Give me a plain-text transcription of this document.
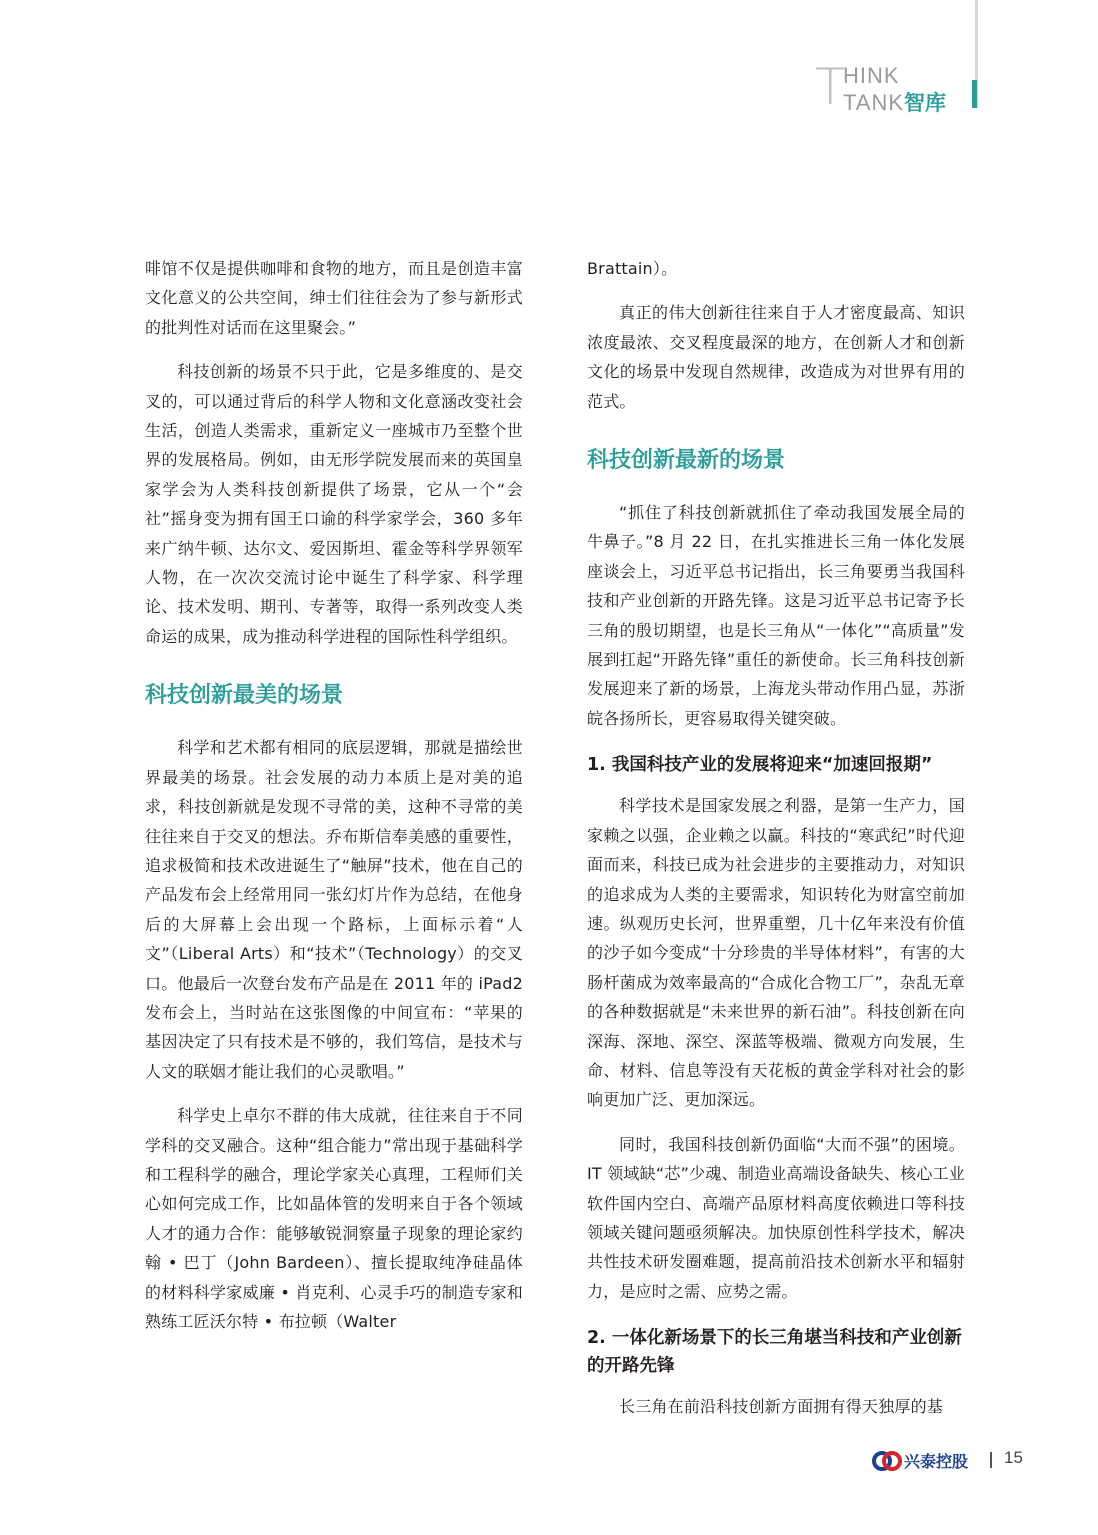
T
HINK
TANK智库

啡馆不仅是提供咖啡和食物的地方，而且是创造丰富文化意义的公共空间，绅士们往往会为了参与新形式的批判性对话而在这里聚会。”

科技创新的场景不只于此，它是多维度的、是交叉的，可以通过背后的科学人物和文化意涵改变社会生活，创造人类需求，重新定义一座城市乃至整个世界的发展格局。例如，由无形学院发展而来的英国皇家学会为人类科技创新提供了场景，它从一个“会社”摇身变为拥有国王口谕的科学家学会，360 多年来广纳牛顿、达尔文、爱因斯坦、霍金等科学界领军人物，在一次次交流讨论中诞生了科学家、科学理论、技术发明、期刊、专著等，取得一系列改变人类命运的成果，成为推动科学进程的国际性科学组织。

科技创新最美的场景

科学和艺术都有相同的底层逻辑，那就是描绘世界最美的场景。社会发展的动力本质上是对美的追求，科技创新就是发现不寻常的美，这种不寻常的美往往来自于交叉的想法。乔布斯信奉美感的重要性，追求极简和技术改进诞生了“触屏”技术，他在自己的产品发布会上经常用同一张幻灯片作为总结，在他身后的大屏幕上会出现一个路标，上面标示着“人文”（Liberal Arts）和“技术”（Technology）的交叉口。他最后一次登台发布产品是在 2011 年的 iPad2 发布会上，当时站在这张图像的中间宣布：“苹果的基因决定了只有技术是不够的，我们笃信，是技术与人文的联姻才能让我们的心灵歌唱。”

科学史上卓尔不群的伟大成就，往往来自于不同学科的交叉融合。这种“组合能力”常出现于基础科学和工程科学的融合，理论学家关心真理，工程师们关心如何完成工作，比如晶体管的发明来自于各个领域人才的通力合作：能够敏锐洞察量子现象的理论家约翰 • 巴丁（John Bardeen）、擅长提取纯净硅晶体的材料科学家威廉 • 肖克利、心灵手巧的制造专家和熟练工匠沃尔特 • 布拉顿（Walter

Brattain）。

真正的伟大创新往往来自于人才密度最高、知识浓度最浓、交叉程度最深的地方，在创新人才和创新文化的场景中发现自然规律，改造成为对世界有用的范式。

科技创新最新的场景

“抓住了科技创新就抓住了牵动我国发展全局的牛鼻子。”8 月 22 日，在扎实推进长三角一体化发展座谈会上，习近平总书记指出，长三角要勇当我国科技和产业创新的开路先锋。这是习近平总书记寄予长三角的殷切期望，也是长三角从“一体化”“高质量”发展到扛起“开路先锋”重任的新使命。长三角科技创新发展迎来了新的场景，上海龙头带动作用凸显，苏浙皖各扬所长，更容易取得关键突破。

1. 我国科技产业的发展将迎来“加速回报期”

科学技术是国家发展之利器，是第一生产力，国家赖之以强，企业赖之以赢。科技的“寒武纪”时代迎面而来，科技已成为社会进步的主要推动力，对知识的追求成为人类的主要需求，知识转化为财富空前加速。纵观历史长河，世界重塑，几十亿年来没有价值的沙子如今变成“十分珍贵的半导体材料”，有害的大肠杆菌成为效率最高的“合成化合物工厂”，杂乱无章的各种数据就是“未来世界的新石油”。科技创新在向深海、深地、深空、深蓝等极端、微观方向发展，生命、材料、信息等没有天花板的黄金学科对社会的影响更加广泛、更加深远。

同时，我国科技创新仍面临“大而不强”的困境。IT 领域缺“芯”少魂、制造业高端设备缺失、核心工业软件国内空白、高端产品原材料高度依赖进口等科技领域关键问题亟须解决。加快原创性科学技术，解决共性技术研发圈难题，提高前沿技术创新水平和辐射力，是应时之需、应势之需。

2. 一体化新场景下的长三角堪当科技和产业创新的开路先锋

长三角在前沿科技创新方面拥有得天独厚的基

兴泰控股 15
